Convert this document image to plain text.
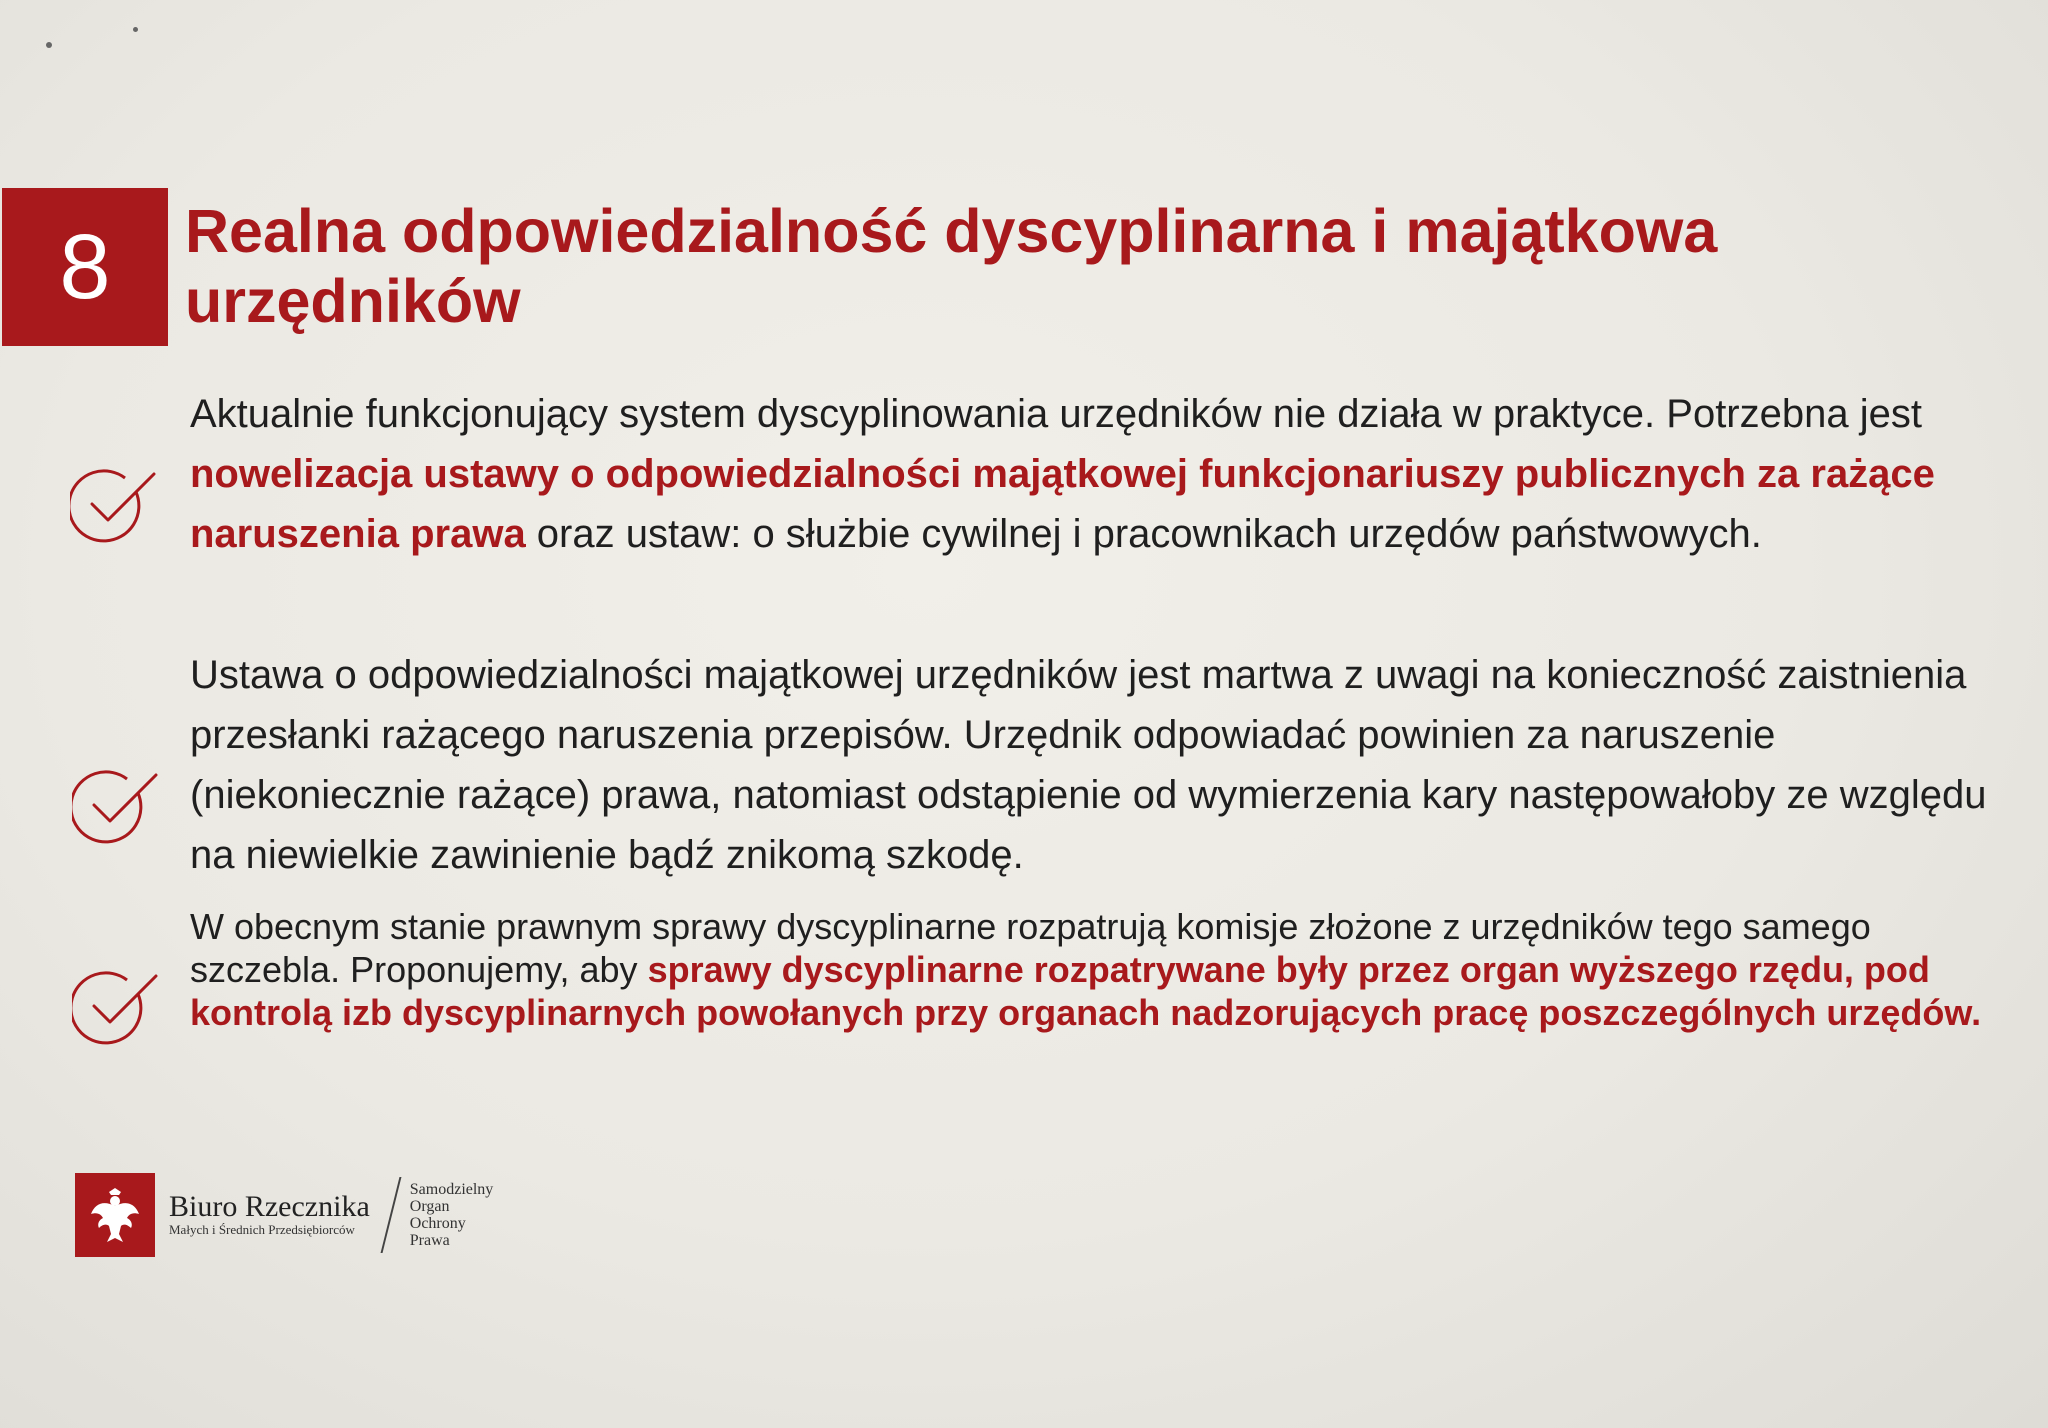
8 Realna odpowiedzialność dyscyplinarna i majątkowa urzędników

Aktualnie funkcjonujący system dyscyplinowania urzędników nie działa w praktyce. Potrzebna jest nowelizacja ustawy o odpowiedzialności majątkowej funkcjonariuszy publicznych za rażące naruszenia prawa oraz ustaw: o służbie cywilnej i pracownikach urzędów państwowych.

Ustawa o odpowiedzialności majątkowej urzędników jest martwa z uwagi na konieczność zaistnienia przesłanki rażącego naruszenia przepisów. Urzędnik odpowiadać powinien za naruszenie (niekoniecznie rażące) prawa, natomiast odstąpienie od wymierzenia kary następowałoby ze względu na niewielkie zawinienie bądź znikomą szkodę.

W obecnym stanie prawnym sprawy dyscyplinarne rozpatrują komisje złożone z urzędników tego samego szczebla. Proponujemy, aby sprawy dyscyplinarne rozpatrywane były przez organ wyższego rzędu, pod kontrolą izb dyscyplinarnych powołanych przy organach nadzorujących pracę poszczególnych urzędów.

Biuro Rzecznika
Małych i Średnich Przedsiębiorców
Samodzielny
Organ
Ochrony
Prawa
